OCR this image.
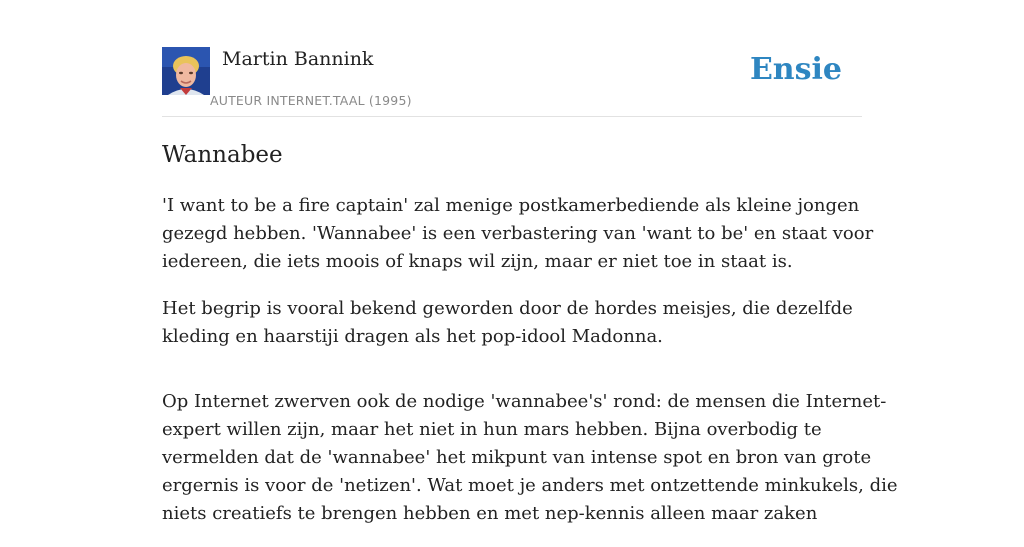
Martin Bannink
AUTEUR INTERNET.TAAL (1995)
Ensie
Wannabee

'I want to be a fire captain' zal menige postkamerbediende als kleine jongen
gezegd hebben. 'Wannabee' is een verbastering van 'want to be' en staat voor
iedereen, die iets moois of knaps wil zijn, maar er niet toe in staat is.

Het begrip is vooral bekend geworden door de hordes meisjes, die dezelfde
kleding en haarstiji dragen als het pop-idool Madonna.

Op Internet zwerven ook de nodige 'wannabee's' rond: de mensen die Internet-
expert willen zijn, maar het niet in hun mars hebben. Bijna overbodig te
vermelden dat de 'wannabee' het mikpunt van intense spot en bron van grote
ergernis is voor de 'netizen'. Wat moet je anders met ontzettende minkukels, die
niets creatiefs te brengen hebben en met nep-kennis alleen maar zaken
